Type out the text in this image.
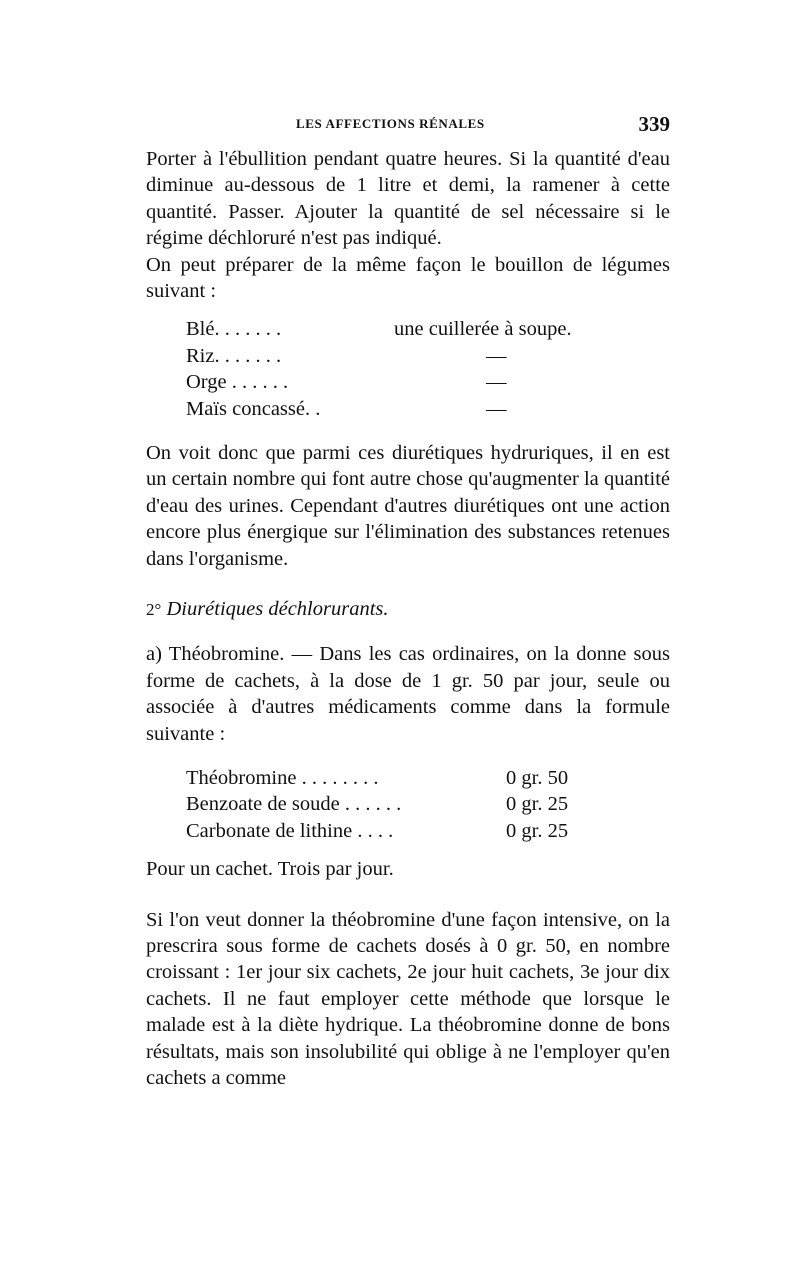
LES AFFECTIONS RÉNALES	339

Porter à l'ébullition pendant quatre heures. Si la quantité d'eau diminue au-dessous de 1 litre et demi, la ramener à cette quantité. Passer. Ajouter la quantité de sel nécessaire si le régime déchloruré n'est pas indiqué.

On peut préparer de la même façon le bouillon de légumes suivant :

Blé. . . . . . .	une cuillerée à soupe.
Riz. . . . . . .	—
Orge . . . . . .	—
Maïs concassé. .	—

On voit donc que parmi ces diurétiques hydruriques, il en est un certain nombre qui font autre chose qu'augmenter la quantité d'eau des urines. Cependant d'autres diurétiques ont une action encore plus énergique sur l'élimination des substances retenues dans l'organisme.

2° Diurétiques déchlorurants.

a) Théobromine. — Dans les cas ordinaires, on la donne sous forme de cachets, à la dose de 1 gr. 50 par jour, seule ou associée à d'autres médicaments comme dans la formule suivante :

Théobromine . . . . . . . .	0 gr. 50
Benzoate de soude . . . . . .	0 gr. 25
Carbonate de lithine . . . .	0 gr. 25

Pour un cachet. Trois par jour.

Si l'on veut donner la théobromine d'une façon intensive, on la prescrira sous forme de cachets dosés à 0 gr. 50, en nombre croissant : 1er jour six cachets, 2e jour huit cachets, 3e jour dix cachets. Il ne faut employer cette méthode que lorsque le malade est à la diète hydrique. La théobromine donne de bons résultats, mais son insolubilité qui oblige à ne l'employer qu'en cachets a comme
